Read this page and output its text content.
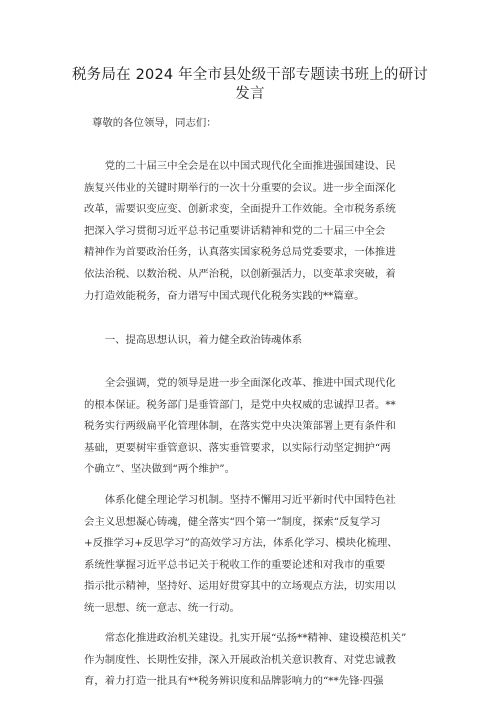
税务局在 2024 年全市县处级干部专题读书班上的研讨
发言
尊敬的各位领导，同志们：
　　党的二十届三中全会是在以中国式现代化全面推进强国建设、民
族复兴伟业的关键时期举行的一次十分重要的会议。进一步全面深化
改革，需要识变应变、创新求变，全面提升工作效能。全市税务系统
把深入学习贯彻习近平总书记重要讲话精神和党的二十届三中全会
精神作为首要政治任务，认真落实国家税务总局党委要求，一体推进
依法治税、以数治税、从严治税，以创新强活力，以变革求突破，着
力打造效能税务，奋力谱写中国式现代化税务实践的**篇章。
　　一、提高思想认识，着力健全政治铸魂体系
　　全会强调，党的领导是进一步全面深化改革、推进中国式现代化
的根本保证。税务部门是垂管部门，是党中央权威的忠诚捍卫者。**
税务实行两级扁平化管理体制，在落实党中央决策部署上更有条件和
基础，更要树牢垂管意识、落实垂管要求，以实际行动坚定拥护“两
个确立”、坚决做到“两个维护”。
　　体系化健全理论学习机制。坚持不懈用习近平新时代中国特色社
会主义思想凝心铸魂，健全落实“四个第一”制度，探索“反复学习
+反推学习+反思学习”的高效学习方法，体系化学习、模块化梳理、
系统性掌握习近平总书记关于税收工作的重要论述和对我市的重要
指示批示精神，坚持好、运用好贯穿其中的立场观点方法，切实用以
统一思想、统一意志、统一行动。
　　常态化推进政治机关建设。扎实开展“弘扬**精神、建设模范机关”
作为制度性、长期性安排，深入开展政治机关意识教育、对党忠诚教
育，着力打造一批具有**税务辨识度和品牌影响力的“**先锋·四强
